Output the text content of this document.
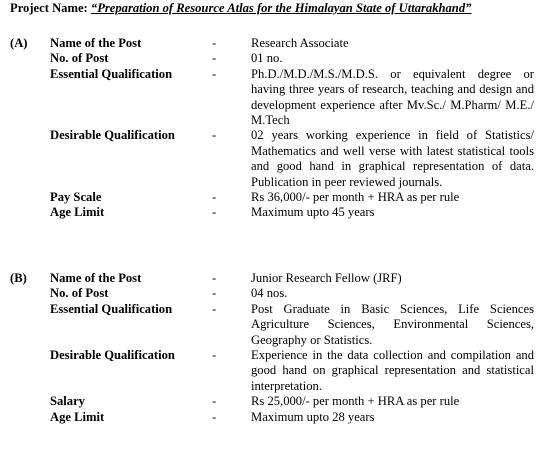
Project Name: “Preparation of Resource Atlas for the Himalayan State of Uttarakhand”
(A) Name of the Post	-	Research Associate
No. of Post	-	01 no.
Essential Qualification	-	Ph.D./M.D./M.S./M.D.S. or equivalent degree or having three years of research, teaching and design and development experience after Mv.Sc./ M.Pharm/ M.E./ M.Tech
Desirable Qualification	-	02 years working experience in field of Statistics/ Mathematics and well verse with latest statistical tools and good hand in graphical representation of data. Publication in peer reviewed journals.
Pay Scale	-	Rs 36,000/- per month + HRA as per rule
Age Limit	-	Maximum upto 45 years
(B) Name of the Post	-	Junior Research Fellow (JRF)
No. of Post	-	04 nos.
Essential Qualification	-	Post Graduate in Basic Sciences, Life Sciences Agriculture Sciences, Environmental Sciences, Geography or Statistics.
Desirable Qualification	-	Experience in the data collection and compilation and good hand on graphical representation and statistical interpretation.
Salary	-	Rs 25,000/- per month + HRA as per rule
Age Limit	-	Maximum upto 28 years
